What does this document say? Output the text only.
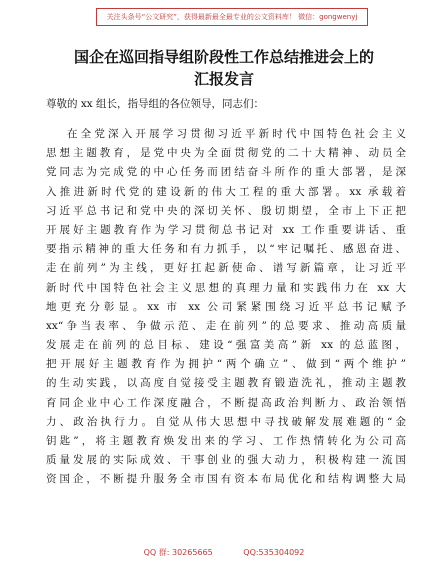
关注头条号“公文研究”，获得最新最全最专业的公文资料库！ 微信：gongwenyj
国企在巡回指导组阶段性工作总结推进会上的
汇报发言
尊敬的 xx 组长，指导组的各位领导，同志们：
在全党深入开展学习贯彻习近平新时代中国特色社会主义
思想主题教育，是党中央为全面贯彻党的二十大精神、动员全
党同志为完成党的中心任务而团结奋斗所作的重大部署，是深
入推进新时代党的建设新的伟大工程的重大部署。xx 承载着
习近平总书记和党中央的深切关怀、殷切期望，全市上下正把
开展好主题教育作为学习贯彻总书记对 xx 工作重要讲话、重
要指示精神的重大任务和有力抓手，以“牢记嘱托、感恩奋进、
走在前列”为主线，更好扛起新使命、谱写新篇章，让习近平
新时代中国特色社会主义思想的真理力量和实践伟力在 xx 大
地更充分彰显。xx 市 xx 公司紧紧围绕习近平总书记赋予
xx“争当表率、争做示范、走在前列”的总要求、推动高质量
发展走在前列的总目标、建设“强富美高”新 xx 的总蓝图，
把开展好主题教育作为拥护“两个确立”、做到“两个维护”
的生动实践，以高度自觉接受主题教育锻造洗礼，推动主题教
育同企业中心工作深度融合，不断提高政治判断力、政治领悟
力、政治执行力。自觉从伟大思想中寻找破解发展难题的“金
钥匙”，将主题教育焕发出来的学习、工作热情转化为公司高
质量发展的实际成效、干事创业的强大动力，积极构建一流国
资国企，不断提升服务全市国有资本布局优化和结构调整大局
QQ 群: 30265665	QQ:535304092
